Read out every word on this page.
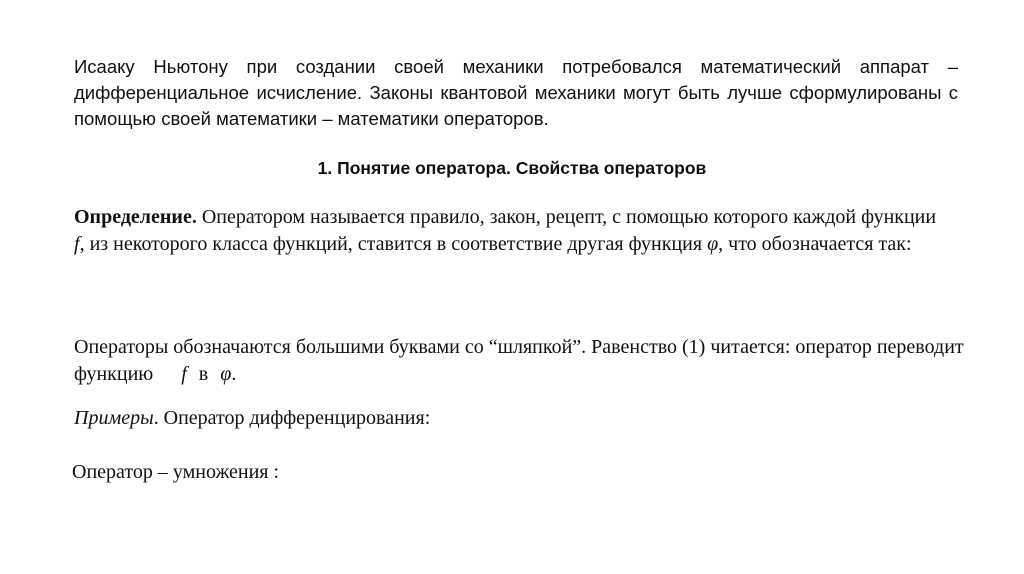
Исааку Ньютону при создании своей механики потребовался математический аппарат – дифференциальное исчисление. Законы квантовой механики могут быть лучше сформулированы с помощью своей математики – математики операторов.

1. Понятие оператора. Свойства операторов

Определение. Оператором называется правило, закон, рецепт, с помощью которого каждой функции f, из некоторого класса функций, ставится в соответствие другая функция φ, что обозначается так:

Операторы обозначаются большими буквами со “шляпкой”. Равенство (1) читается: оператор переводит функцию f в φ.

Примеры. Оператор дифференцирования:

Оператор – умножения :
